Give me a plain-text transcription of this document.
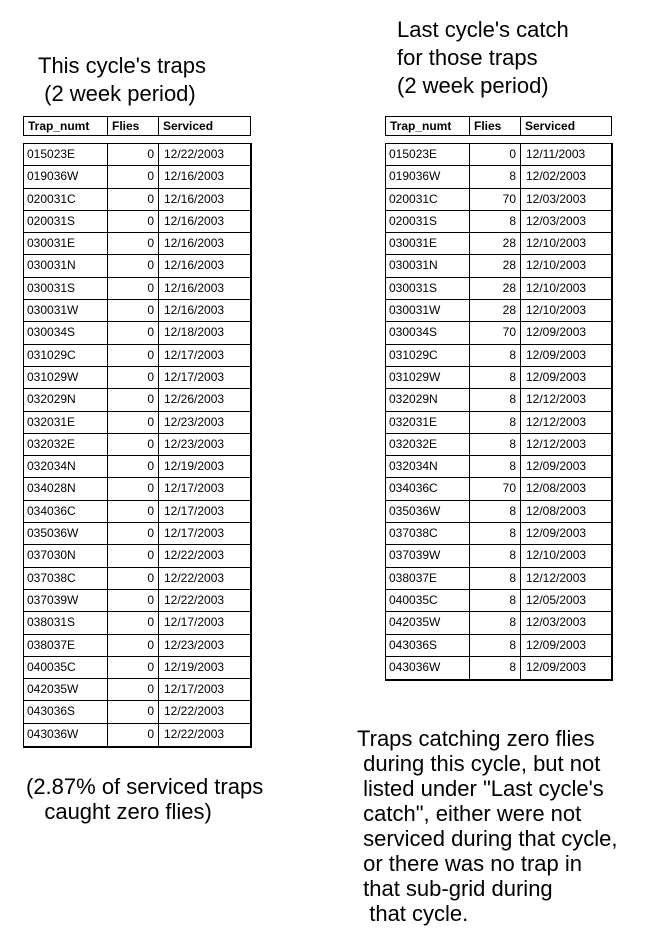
This cycle's traps
(2 week period)
Trap_numt	Flies	Serviced
015023E	0 12/22/2003
019036W	0 12/16/2003
020031C	0 12/16/2003
020031S	0 12/16/2003
030031E	0 12/16/2003
030031N	0 12/16/2003
030031S	0 12/16/2003
030031W	0 12/16/2003
030034S	0 12/18/2003
031029C	0 12/17/2003
031029W	0 12/17/2003
032029N	0 12/26/2003
032031E	0 12/23/2003
032032E	0 12/23/2003
032034N	0 12/19/2003
034028N	0 12/17/2003
034036C	0 12/17/2003
035036W	0 12/17/2003
037030N	0 12/22/2003
037038C	0 12/22/2003
037039W	0 12/22/2003
038031S	0 12/17/2003
038037E	0 12/23/2003
040035C	0 12/19/2003
042035W	0 12/17/2003
043036S	0 12/22/2003
043036W	0 12/22/2003
(2.87% of serviced traps
caught zero flies)
Last cycle's catch
for those traps
(2 week period)
Trap_numt	Flies	Serviced
015023E	0 12/11/2003
019036W	8 12/02/2003
020031C	70 12/03/2003
020031S	8 12/03/2003
030031E	28 12/10/2003
030031N	28 12/10/2003
030031S	28 12/10/2003
030031W	28 12/10/2003
030034S	70 12/09/2003
031029C	8 12/09/2003
031029W	8 12/09/2003
032029N	8 12/12/2003
032031E	8 12/12/2003
032032E	8 12/12/2003
032034N	8 12/09/2003
034036C	70 12/08/2003
035036W	8 12/08/2003
037038C	8 12/09/2003
037039W	8 12/10/2003
038037E	8 12/12/2003
040035C	8 12/05/2003
042035W	8 12/03/2003
043036S	8 12/09/2003
043036W	8 12/09/2003
Traps catching zero flies
during this cycle, but not
listed under "Last cycle's
catch", either were not
serviced during that cycle,
or there was no trap in
that sub-grid during
that cycle.
